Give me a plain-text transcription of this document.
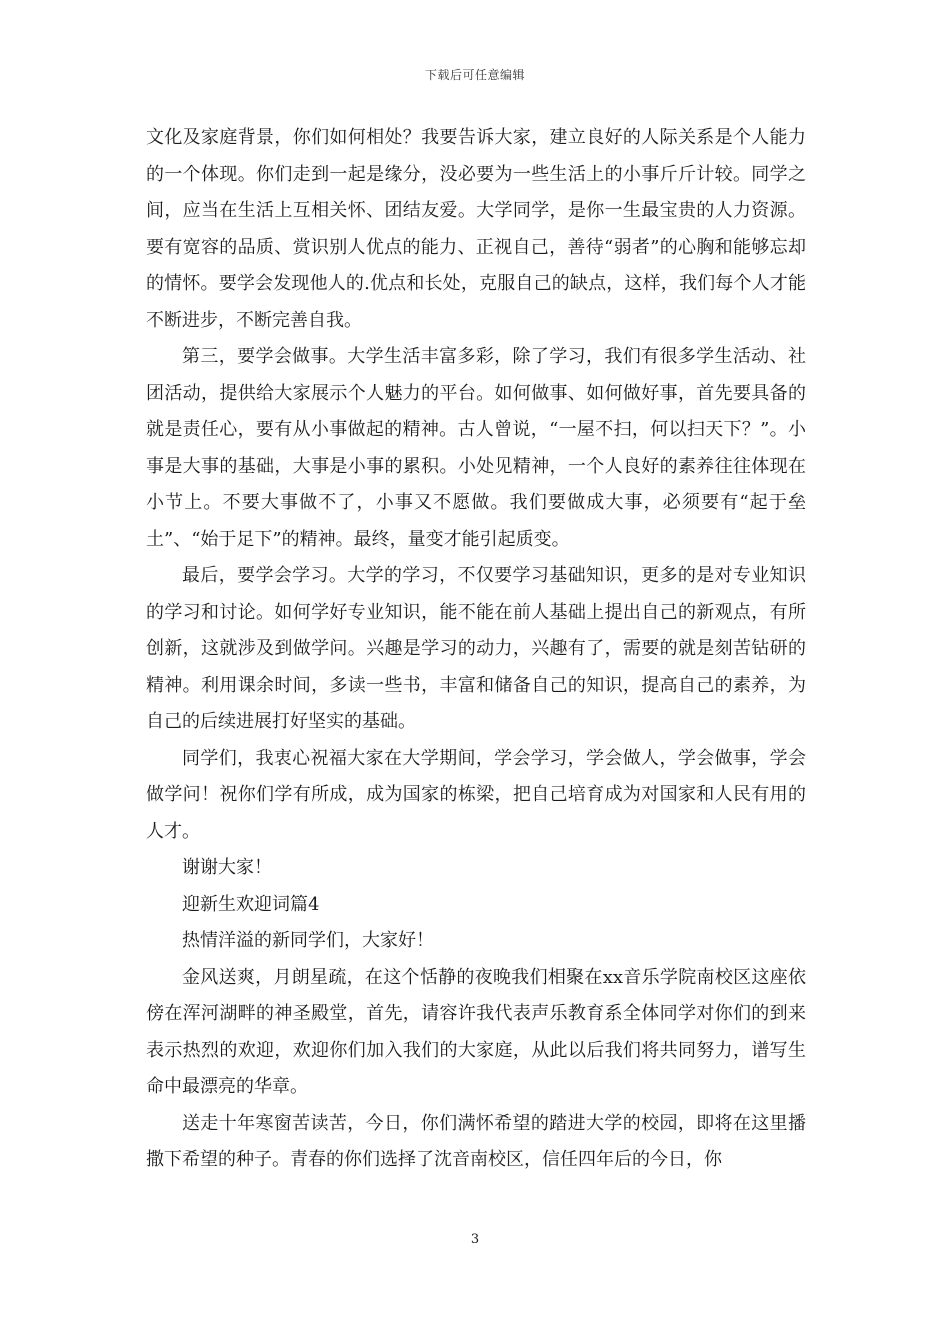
下载后可任意编辑

文化及家庭背景，你们如何相处？我要告诉大家，建立良好的人际关系是个人能力的一个体现。你们走到一起是缘分，没必要为一些生活上的小事斤斤计较。同学之间，应当在生活上互相关怀、团结友爱。大学同学，是你一生最宝贵的人力资源。要有宽容的品质、赏识别人优点的能力、正视自己，善待“弱者”的心胸和能够忘却的情怀。要学会发现他人的.优点和长处，克服自己的缺点，这样，我们每个人才能不断进步，不断完善自我。

第三，要学会做事。大学生活丰富多彩，除了学习，我们有很多学生活动、社团活动，提供给大家展示个人魅力的平台。如何做事、如何做好事，首先要具备的就是责任心，要有从小事做起的精神。古人曾说，“一屋不扫，何以扫天下？”。小事是大事的基础，大事是小事的累积。小处见精神，一个人良好的素养往往体现在小节上。不要大事做不了，小事又不愿做。我们要做成大事，必须要有“起于垒土”、“始于足下”的精神。最终，量变才能引起质变。

最后，要学会学习。大学的学习，不仅要学习基础知识，更多的是对专业知识的学习和讨论。如何学好专业知识，能不能在前人基础上提出自己的新观点，有所创新，这就涉及到做学问。兴趣是学习的动力，兴趣有了，需要的就是刻苦钻研的精神。利用课余时间，多读一些书，丰富和储备自己的知识，提高自己的素养，为自己的后续进展打好坚实的基础。

同学们，我衷心祝福大家在大学期间，学会学习，学会做人，学会做事，学会做学问！祝你们学有所成，成为国家的栋梁，把自己培育成为对国家和人民有用的人才。

谢谢大家！

迎新生欢迎词篇4

热情洋溢的新同学们，大家好！

金风送爽，月朗星疏，在这个恬静的夜晚我们相聚在xx音乐学院南校区这座依傍在浑河湖畔的神圣殿堂，首先，请容许我代表声乐教育系全体同学对你们的到来表示热烈的欢迎，欢迎你们加入我们的大家庭，从此以后我们将共同努力，谱写生命中最漂亮的华章。

送走十年寒窗苦读苦，今日，你们满怀希望的踏进大学的校园，即将在这里播撒下希望的种子。青春的你们选择了沈音南校区，信任四年后的今日，你

3
